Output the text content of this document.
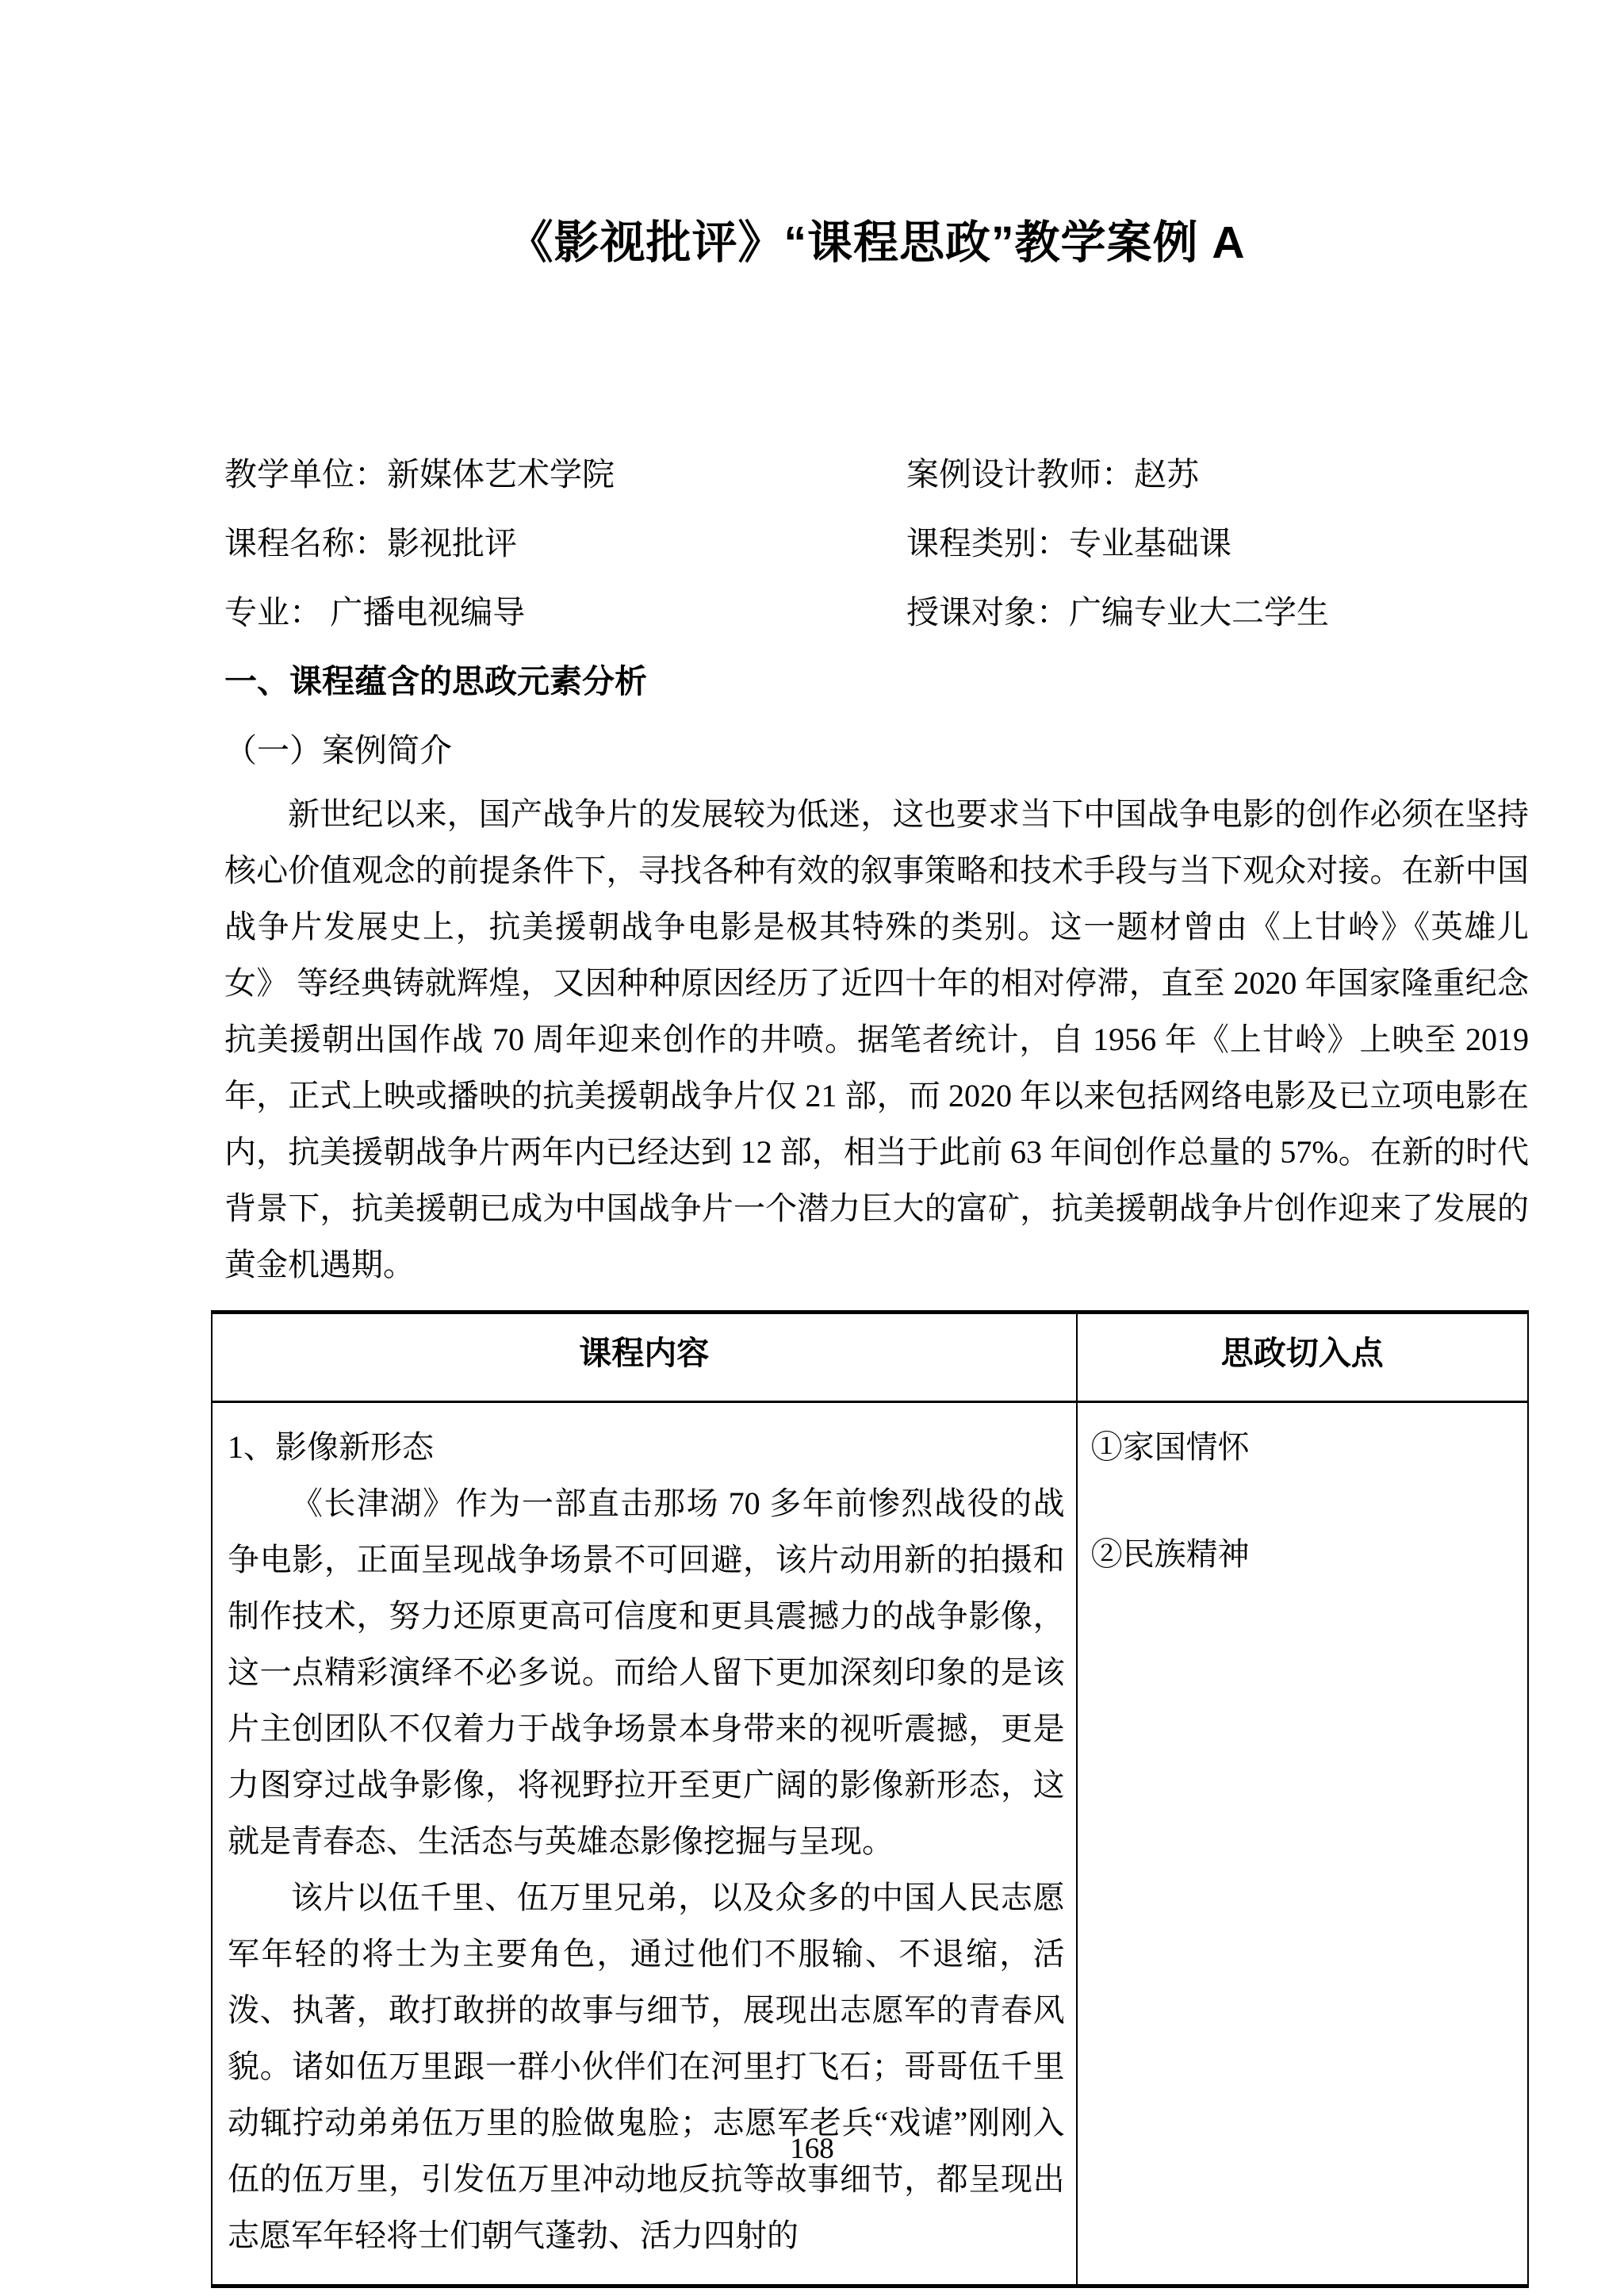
《影视批评》“课程思政”教学案例 A
教学单位：新媒体艺术学院	案例设计教师：赵苏
课程名称：影视批评	课程类别：专业基础课
专业： 广播电视编导	授课对象：广编专业大二学生
一、课程蕴含的思政元素分析
（一）案例简介
新世纪以来，国产战争片的发展较为低迷，这也要求当下中国战争电影的创作必须在坚持核心价值观念的前提条件下，寻找各种有效的叙事策略和技术手段与当下观众对接。在新中国战争片发展史上，抗美援朝战争电影是极其特殊的类别。这一题材曾由《上甘岭》《英雄儿女》 等经典铸就辉煌，又因种种原因经历了近四十年的相对停滞，直至 2020 年国家隆重纪念抗美援朝出国作战 70 周年迎来创作的井喷。据笔者统计，自 1956 年《上甘岭》上映至 2019 年，正式上映或播映的抗美援朝战争片仅 21 部，而 2020 年以来包括网络电影及已立项电影在内，抗美援朝战争片两年内已经达到 12 部，相当于此前 63 年间创作总量的 57%。在新的时代背景下，抗美援朝已成为中国战争片一个潜力巨大的富矿，抗美援朝战争片创作迎来了发展的黄金机遇期。
课程内容	思政切入点

1、影像新形态
《长津湖》作为一部直击那场 70 多年前惨烈战役的战争电影，正面呈现战争场景不可回避，该片动用新的拍摄和制作技术，努力还原更高可信度和更具震撼力的战争影像，这一点精彩演绎不必多说。而给人留下更加深刻印象的是该片主创团队不仅着力于战争场景本身带来的视听震撼，更是力图穿过战争影像，将视野拉开至更广阔的影像新形态，这就是青春态、生活态与英雄态影像挖掘与呈现。
该片以伍千里、伍万里兄弟，以及众多的中国人民志愿军年轻的将士为主要角色，通过他们不服输、不退缩，活泼、执著，敢打敢拼的故事与细节，展现出志愿军的青春风貌。诸如伍万里跟一群小伙伴们在河里打飞石；哥哥伍千里动辄拧动弟弟伍万里的脸做鬼脸；志愿军老兵“戏谑”刚刚入伍的伍万里，引发伍万里冲动地反抗等故事细节，都呈现出志愿军年轻将士们朝气蓬勃、活力四射的

①家国情怀
②民族精神
168
